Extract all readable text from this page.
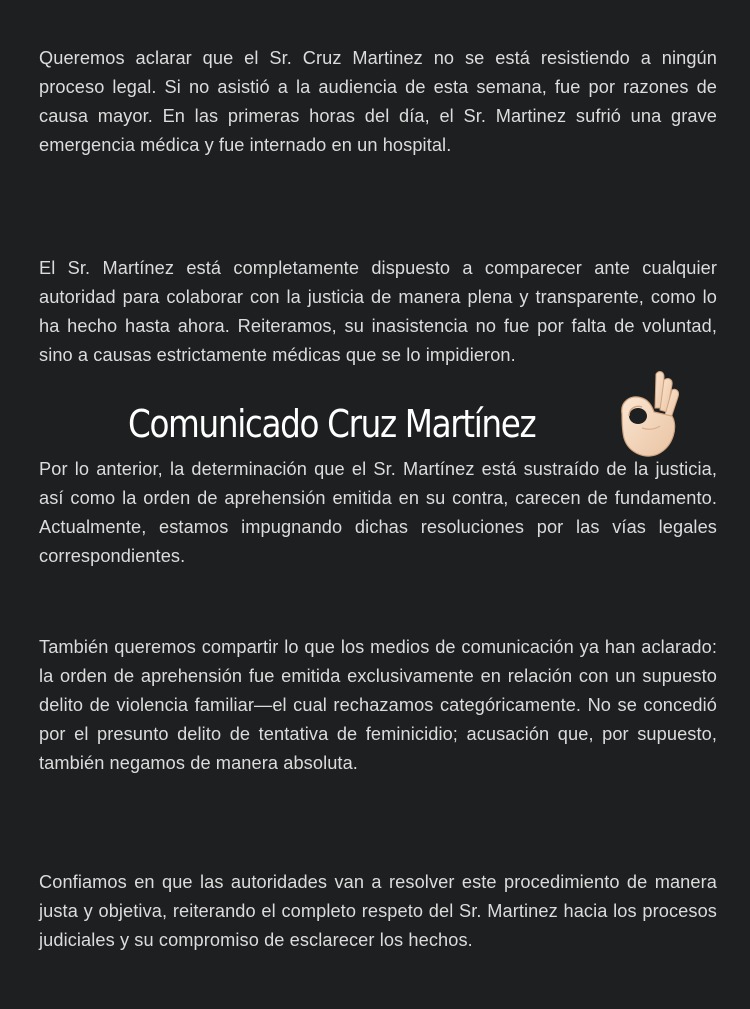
Queremos aclarar que el Sr. Cruz Martinez no se está resistiendo a ningún proceso legal. Si no asistió a la audiencia de esta semana, fue por razones de causa mayor. En las primeras horas del día, el Sr. Martinez sufrió una grave emergencia médica y fue internado en un hospital.

El Sr. Martínez está completamente dispuesto a comparecer ante cualquier autoridad para colaborar con la justicia de manera plena y transparente, como lo ha hecho hasta ahora. Reiteramos, su inasistencia no fue por falta de voluntad, sino a causas estrictamente médicas que se lo impidieron.

Por lo anterior, la determinación que el Sr. Martínez está sustraído de la justicia, así como la orden de aprehensión emitida en su contra, carecen de fundamento. Actualmente, estamos impugnando dichas resoluciones por las vías legales correspondientes.

También queremos compartir lo que los medios de comunicación ya han aclarado: la orden de aprehensión fue emitida exclusivamente en relación con un supuesto delito de violencia familiar—el cual rechazamos categóricamente. No se concedió por el presunto delito de tentativa de feminicidio; acusación que, por supuesto, también negamos de manera absoluta.

Confiamos en que las autoridades van a resolver este procedimiento de manera justa y objetiva, reiterando el completo respeto del Sr. Martinez hacia los procesos judiciales y su compromiso de esclarecer los hechos.

Comunicado Cruz Martínez
